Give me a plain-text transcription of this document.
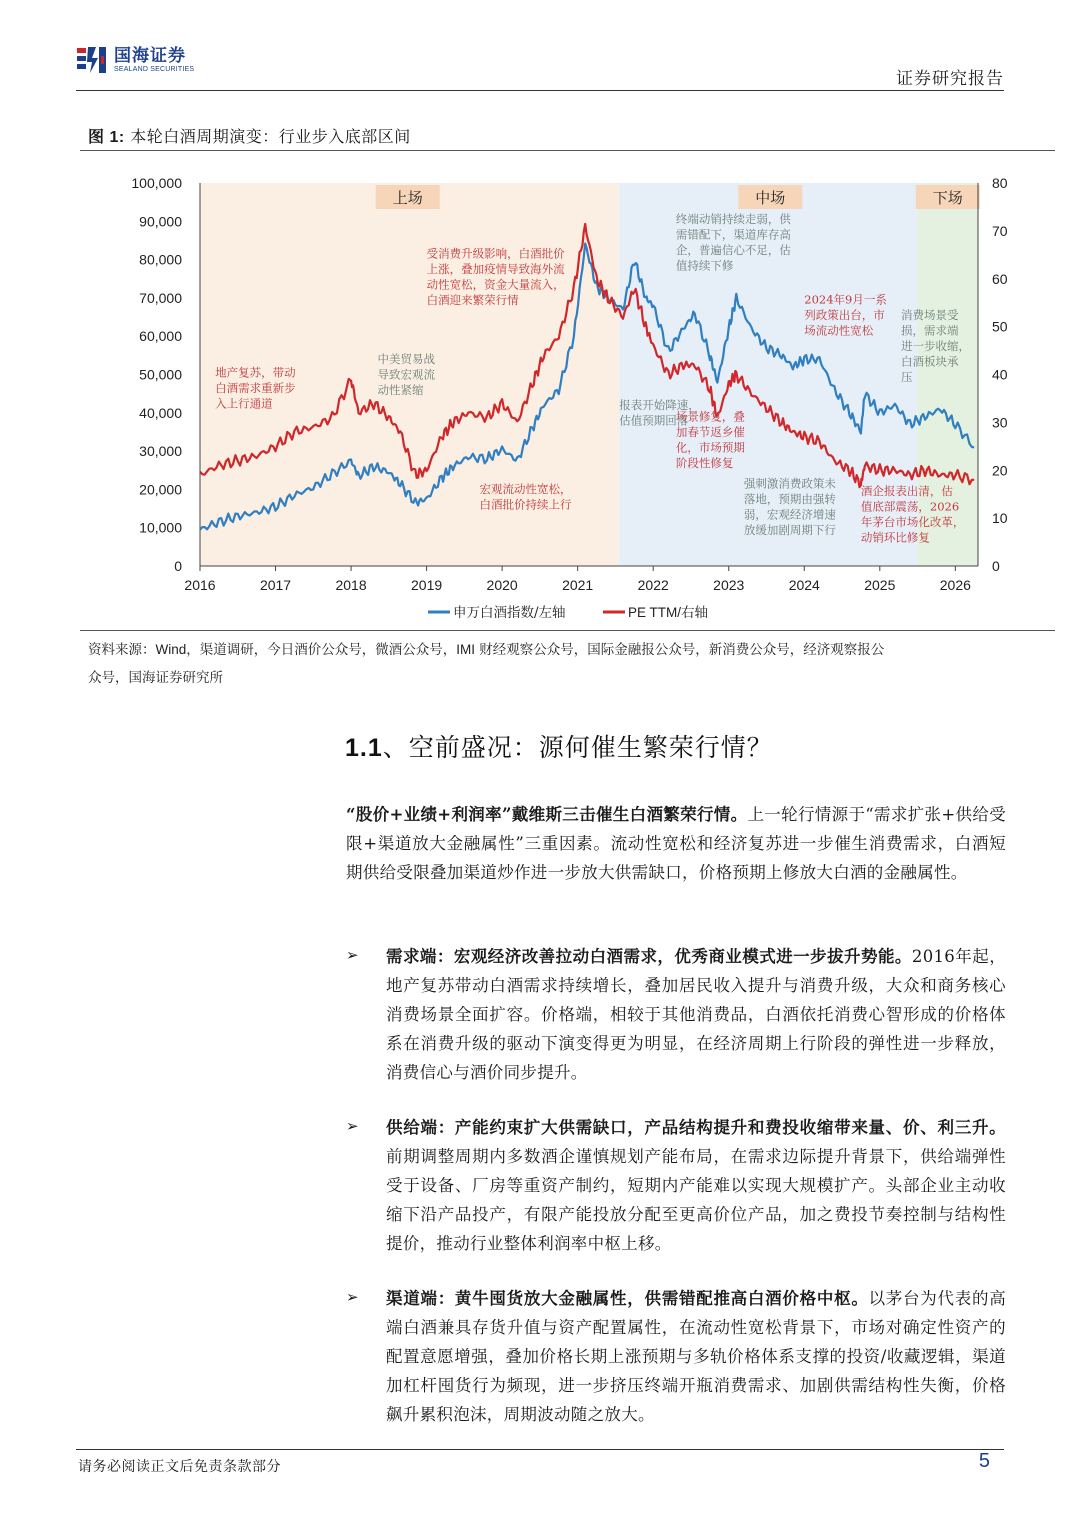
国海证券
SEALAND SECURITIES	证券研究报告
图 1: 本轮白酒周期演变：行业步入底部区间
上场	中场	下场
0
10,000
20,000
30,000
40,000
50,000
60,000
70,000
80,000
90,000
100,000
0
10
20
30
40
50
60
70
80
2016	2017	2018	2019	2020	2021	2022	2023	2024	2025	2026
地产复苏，带动
白酒需求重新步
入上行通道
中美贸易战
导致宏观流
动性紧缩
受消费升级影响，白酒批价
上涨，叠加疫情导致海外流
动性宽松，资金大量流入，
白酒迎来繁荣行情
宏观流动性宽松，
白酒批价持续上行
报表开始降速，
估值预期回落
终端动销持续走弱，供
需错配下，渠道库存高
企，普遍信心不足，估
值持续下修
场景修复，叠
加春节返乡催
化，市场预期
阶段性修复
强刺激消费政策未
落地，预期由强转
弱，宏观经济增速
放缓加剧周期下行
2024年9月一系
列政策出台，市
场流动性宽松
消费场景受
损，需求端
进一步收缩，
白酒板块承
压
酒企报表出清，估
值底部震荡，2026
年茅台市场化改革，
动销环比修复
申万白酒指数/左轴	PE TTM/右轴
资料来源：Wind，渠道调研，今日酒价公众号，微酒公众号，IMI 财经观察公众号，国际金融报公众号，新消费公众号，经济观察报公
众号，国海证券研究所
1.1、空前盛况：源何催生繁荣行情？
“股价+业绩+利润率”戴维斯三击催生白酒繁荣行情。上一轮行情源于“需求扩张+供给受限+渠道放大金融属性”三重因素。流动性宽松和经济复苏进一步催生消费需求，白酒短期供给受限叠加渠道炒作进一步放大供需缺口，价格预期上修放大白酒的金融属性。
➢ 需求端：宏观经济改善拉动白酒需求，优秀商业模式进一步拔升势能。2016年起，地产复苏带动白酒需求持续增长，叠加居民收入提升与消费升级，大众和商务核心消费场景全面扩容。价格端，相较于其他消费品，白酒依托消费心智形成的价格体系在消费升级的驱动下演变得更为明显，在经济周期上行阶段的弹性进一步释放，消费信心与酒价同步提升。
➢ 供给端：产能约束扩大供需缺口，产品结构提升和费投收缩带来量、价、利三升。前期调整周期内多数酒企谨慎规划产能布局，在需求边际提升背景下，供给端弹性受于设备、厂房等重资产制约，短期内产能难以实现大规模扩产。头部企业主动收缩下沿产品投产，有限产能投放分配至更高价位产品，加之费投节奏控制与结构性提价，推动行业整体利润率中枢上移。
➢ 渠道端：黄牛囤货放大金融属性，供需错配推高白酒价格中枢。以茅台为代表的高端白酒兼具存货升值与资产配置属性，在流动性宽松背景下，市场对确定性资产的配置意愿增强，叠加价格长期上涨预期与多轨价格体系支撑的投资/收藏逻辑，渠道加杠杆囤货行为频现，进一步挤压终端开瓶消费需求、加剧供需结构性失衡，价格飙升累积泡沫，周期波动随之放大。
请务必阅读正文后免责条款部分	5
